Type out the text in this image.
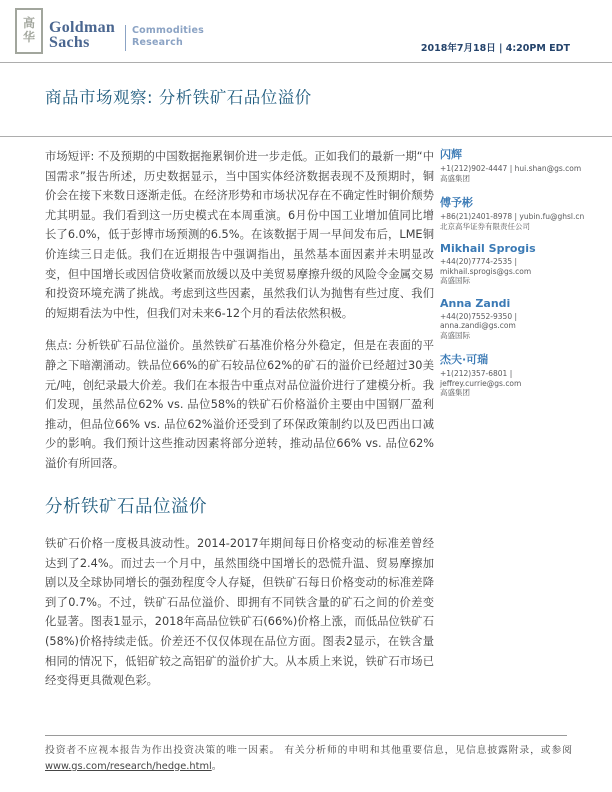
高
华
Goldman
Sachs
Commodities
Research
2018年7月18日 | 4:20PM EDT
商品市场观察: 分析铁矿石品位溢价

市场短评: 不及预期的中国数据拖累铜价进一步走低。正如我们的最新一期“中国需求”报告所述，历史数据显示，当中国实体经济数据表现不及预期时，铜价会在接下来数日逐渐走低。在经济形势和市场状况存在不确定性时铜价颓势尤其明显。我们看到这一历史模式在本周重演。6月份中国工业增加值同比增长了6.0%，低于彭博市场预测的6.5%。在该数据于周一早间发布后，LME铜价连续三日走低。我们在近期报告中强调指出，虽然基本面因素并未明显改变，但中国增长或因信贷收紧而放缓以及中美贸易摩擦升级的风险令金属交易和投资环境充满了挑战。考虑到这些因素，虽然我们认为抛售有些过度、我们的短期看法为中性，但我们对未来6-12个月的看法依然积极。

焦点: 分析铁矿石品位溢价。虽然铁矿石基准价格分外稳定，但是在表面的平静之下暗潮涌动。铁品位66%的矿石较品位62%的矿石的溢价已经超过30美元/吨，创纪录最大价差。我们在本报告中重点对品位溢价进行了建模分析。我们发现，虽然品位62% vs. 品位58%的铁矿石价格溢价主要由中国钢厂盈利推动，但品位66% vs. 品位62%溢价还受到了环保政策制约以及巴西出口减少的影响。我们预计这些推动因素将部分逆转，推动品位66% vs. 品位62%溢价有所回落。

分析铁矿石品位溢价

铁矿石价格一度极具波动性。2014-2017年期间每日价格变动的标准差曾经达到了2.4%。而过去一个月中，虽然围绕中国增长的恐慌升温、贸易摩擦加剧以及全球协同增长的强劲程度令人存疑，但铁矿石每日价格变动的标准差降到了0.7%。不过，铁矿石品位溢价、即拥有不同铁含量的矿石之间的价差变化显著。图表1显示，2018年高品位铁矿石(66%)价格上涨，而低品位铁矿石(58%)价格持续走低。价差还不仅仅体现在品位方面。图表2显示，在铁含量相同的情况下，低铝矿较之高铝矿的溢价扩大。从本质上来说，铁矿石市场已经变得更具微观色彩。

闪辉
+1(212)902-4447 | hui.shan@gs.com
高盛集团
傅予彬
+86(21)2401-8978 | yubin.fu@ghsl.cn
北京高华证券有限责任公司
Mikhail Sprogis
+44(20)7774-2535 | mikhail.sprogis@gs.com
高盛国际
Anna Zandi
+44(20)7552-9350 | anna.zandi@gs.com
高盛国际
杰夫·可瑞
+1(212)357-6801 | jeffrey.currie@gs.com
高盛集团
投资者不应视本报告为作出投资决策的唯一因素。 有关分析师的申明和其他重要信息，见信息披露附录，或参阅 www.gs.com/research/hedge.html。
